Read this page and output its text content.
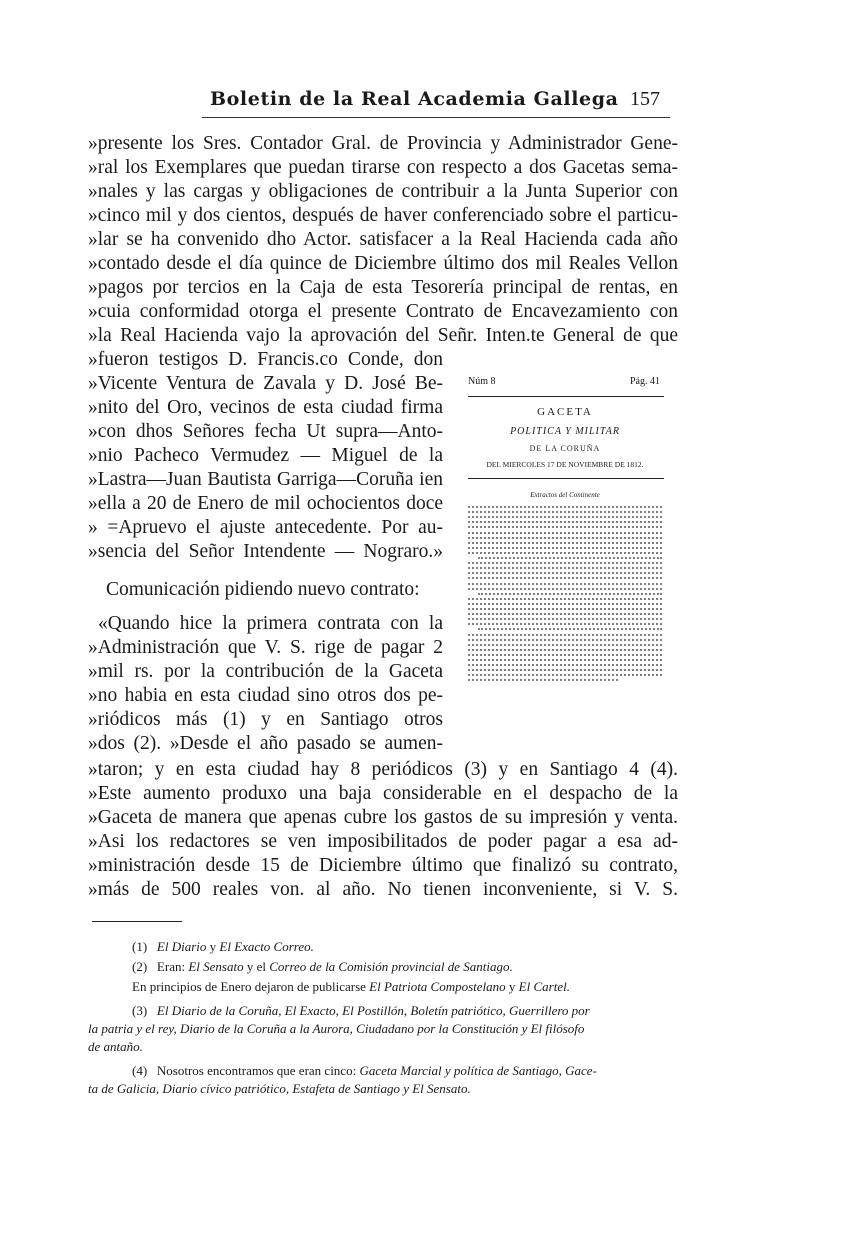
Boletin de la Real Academia Gallega 157
»presente los Sres. Contador Gral. de Provincia y Administrador Gene-
»ral los Exemplares que puedan tirarse con respecto a dos Gacetas sema-
»nales y las cargas y obligaciones de contribuir a la Junta Superior con
»cinco mil y dos cientos, después de haver conferenciado sobre el particu-
»lar se ha convenido dho Actor. satisfacer a la Real Hacienda cada año
»contado desde el día quince de Diciembre último dos mil Reales Vellon
»pagos por tercios en la Caja de esta Tesorería principal de rentas, en
»cuia conformidad otorga el presente Contrato de Encavezamiento con
»la Real Hacienda vajo la aprovación del Señr. Inten.te General de que
»fueron testigos D. Francis.co Conde, don
»Vicente Ventura de Zavala y D. José Be-
»nito del Oro, vecinos de esta ciudad firma
»con dhos Señores fecha Ut supra—Anto-
»nio Pacheco Vermudez — Miguel de la
»Lastra—Juan Bautista Garriga—Coruña ien
»ella a 20 de Enero de mil ochocientos doce
» =Apruevo el ajuste antecedente. Por au-
»sencia del Señor Intendente — Nograro.»
Comunicación pidiendo nuevo contrato:
«Quando hice la primera contrata con la
»Administración que V. S. rige de pagar 2
»mil rs. por la contribución de la Gaceta
»no habia en esta ciudad sino otros dos pe-
»riódicos más (1) y en Santiago otros
»dos (2). »Desde el año pasado se aumen-
»taron; y en esta ciudad hay 8 periódicos (3) y en Santiago 4 (4).
»Este aumento produxo una baja considerable en el despacho de la
»Gaceta de manera que apenas cubre los gastos de su impresión y venta.
»Asi los redactores se ven imposibilitados de poder pagar a esa ad-
»ministración desde 15 de Diciembre último que finalizó su contrato,
»más de 500 reales von. al año. No tienen inconveniente, si V. S.
Núm 8	Pág. 41
GACETA
POLITICA Y MILITAR
DE LA CORUÑA
DEL MIERCOLES 17 DE NOVIEMBRE DE 1812.
Extractos del Continente
(1) El Diario y El Exacto Correo.
(2) Eran: El Sensato y el Correo de la Comisión provincial de Santiago.
En principios de Enero dejaron de publicarse El Patriota Compostelano y El Cartel.
(3) El Diario de la Coruña, El Exacto, El Postillón, Boletín patriótico, Guerrillero por
la patria y el rey, Diario de la Coruña a la Aurora, Ciudadano por la Constitución y El filósofo
de antaño.
(4) Nosotros encontramos que eran cinco: Gaceta Marcial y política de Santiago, Gace-
ta de Galicia, Diario cívico patriótico, Estafeta de Santiago y El Sensato.
